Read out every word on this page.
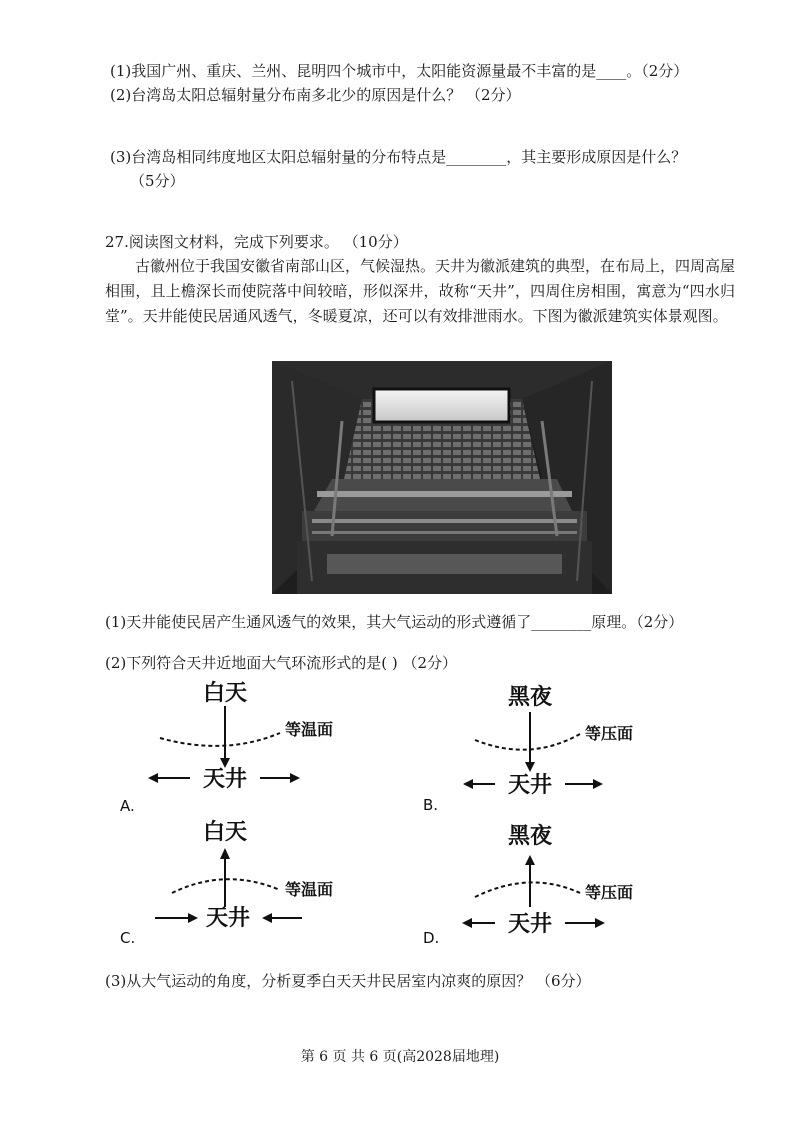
(1)我国广州、重庆、兰州、昆明四个城市中，太阳能资源量最不丰富的是____。（2分）
(2)台湾岛太阳总辐射量分布南多北少的原因是什么？ （2分）
(3)台湾岛相同纬度地区太阳总辐射量的分布特点是________，其主要形成原因是什么？
（5分）
27.阅读图文材料，完成下列要求。 （10分）
古徽州位于我国安徽省南部山区，气候湿热。天井为徽派建筑的典型，在布局上，四周高屋相围，且上檐深长而使院落中间较暗，形似深井，故称“天井”，四周住房相围，寓意为“四水归堂”。天井能使民居通风透气，冬暖夏凉，还可以有效排泄雨水。下图为徽派建筑实体景观图。
(1)天井能使民居产生通风透气的效果，其大气运动的形式遵循了________原理。（2分）
(2)下列符合天井近地面大气环流形式的是( ) （2分）
白天
等温面
天井
A.
黑夜
等压面
天井
B.
白天
等温面
天井
C.
黑夜
等压面
天井
D.
(3)从大气运动的角度，分析夏季白天天井民居室内凉爽的原因？ （6分）
第 6 页 共 6 页(高2028届地理)
